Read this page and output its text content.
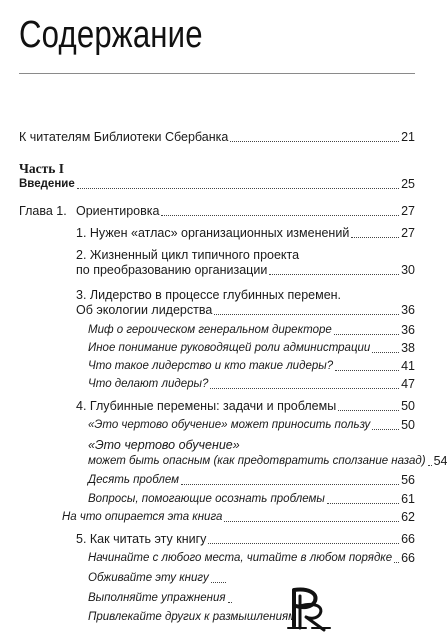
Содержание
К читателям Библиотеки Сбербанка	21
Часть I
Введение	25
Глава 1. Ориентировка	27
1. Нужен «атлас» организационных изменений	27
2. Жизненный цикл типичного проекта
по преобразованию организации	30
3. Лидерство в процессе глубинных перемен.
Об экологии лидерства	36
Миф о героическом генеральном директоре	36
Иное понимание руководящей роли администрации 38
Что такое лидерство и кто такие лидеры?	41
Что делают лидеры?	47
4. Глубинные перемены: задачи и проблемы	50
«Это чертово обучение» может приносить пользу 50
«Это чертово обучение»
может быть опасным (как предотвратить сползание назад) 54
Десять проблем	56
Вопросы, помогающие осознать проблемы	61
На что опирается эта книга	62
5. Как читать эту книгу	66
Начинайте с любого места, читайте в любом порядке 66
Обживайте эту книгу
Выполняйте упражнения
Привлекайте других к размышлениям
